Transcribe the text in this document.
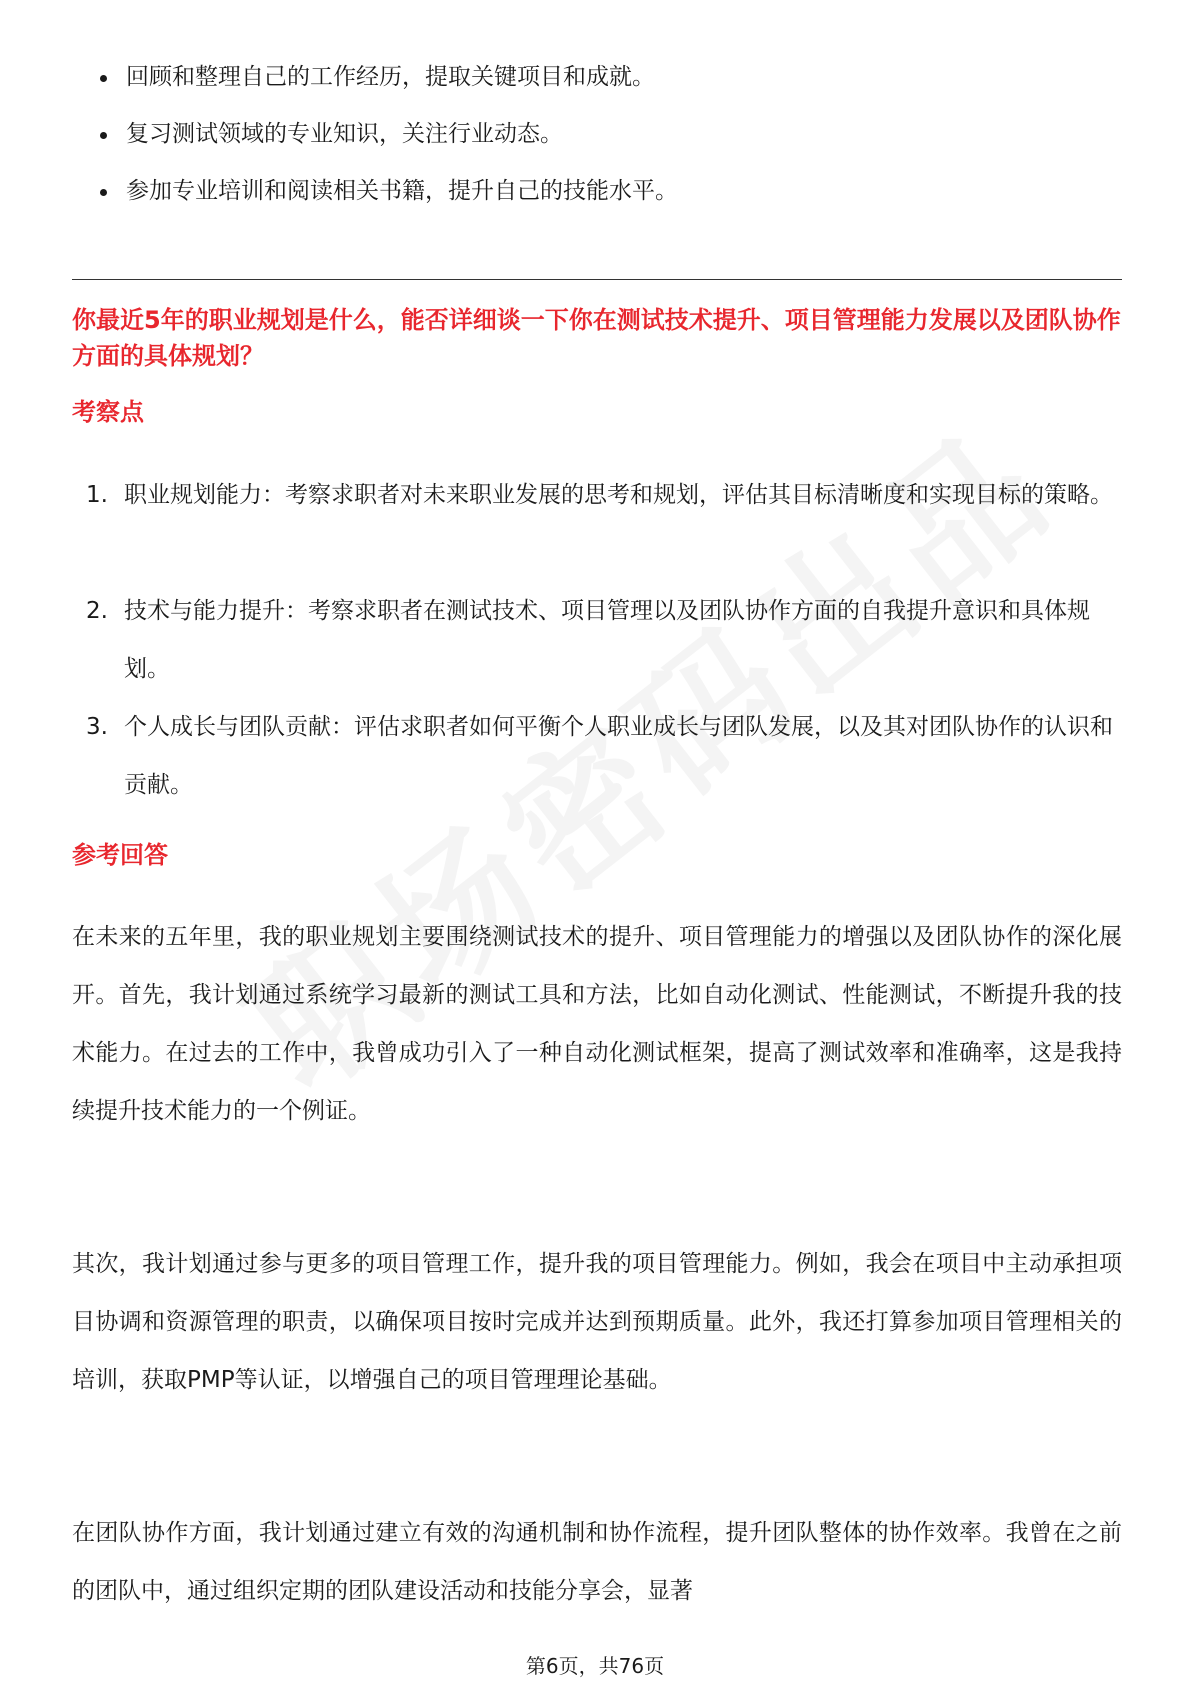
回顾和整理自己的工作经历，提取关键项目和成就。
复习测试领域的专业知识，关注行业动态。
参加专业培训和阅读相关书籍，提升自己的技能水平。
你最近5年的职业规划是什么，能否详细谈一下你在测试技术提升、项目管理能力发展以及团队协作方面的具体规划？
考察点
1. 职业规划能力：考察求职者对未来职业发展的思考和规划，评估其目标清晰度和实现目标的策略。
2. 技术与能力提升：考察求职者在测试技术、项目管理以及团队协作方面的自我提升意识和具体规划。
3. 个人成长与团队贡献：评估求职者如何平衡个人职业成长与团队发展，以及其对团队协作的认识和贡献。
参考回答

在未来的五年里，我的职业规划主要围绕测试技术的提升、项目管理能力的增强以及团队协作的深化展开。首先，我计划通过系统学习最新的测试工具和方法，比如自动化测试、性能测试，不断提升我的技术能力。在过去的工作中，我曾成功引入了一种自动化测试框架，提高了测试效率和准确率，这是我持续提升技术能力的一个例证。

其次，我计划通过参与更多的项目管理工作，提升我的项目管理能力。例如，我会在项目中主动承担项目协调和资源管理的职责，以确保项目按时完成并达到预期质量。此外，我还打算参加项目管理相关的培训，获取PMP等认证，以增强自己的项目管理理论基础。

在团队协作方面，我计划通过建立有效的沟通机制和协作流程，提升团队整体的协作效率。我曾在之前的团队中，通过组织定期的团队建设活动和技能分享会，显著

第6页，共76页
